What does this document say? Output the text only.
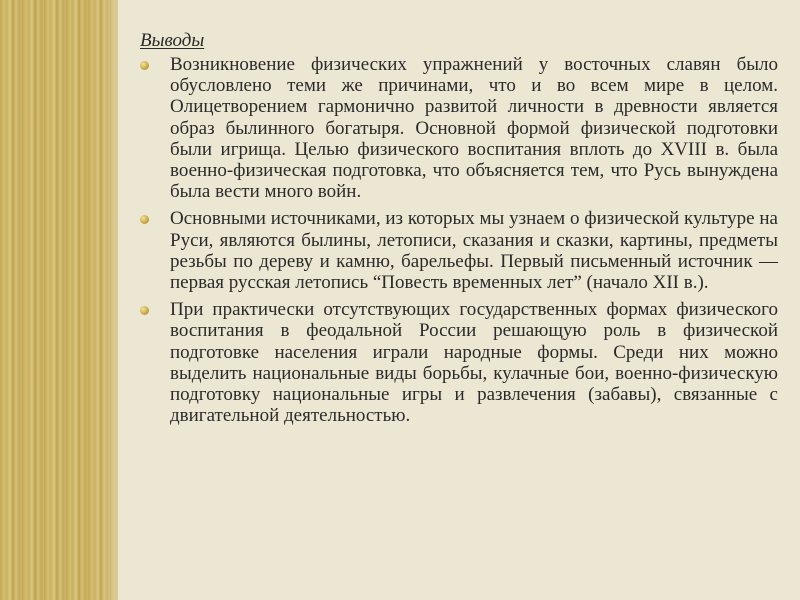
Выводы
Возникновение физических упражнений у восточных славян было обусловлено теми же причинами, что и во всем мире в целом. Олицетворением гармонично развитой личности в древности является образ былинного богатыря. Основной формой физической подготовки были игрища. Целью физического воспитания вплоть до XVIII в. была военно-физическая подготовка, что объясняется тем, что Русь вынуждена была вести много войн.
Основными источниками, из которых мы узнаем о физической культуре на Руси, являются былины, летописи, сказания и сказки, картины, предметы резьбы по дереву и камню, барельефы. Первый письменный источник — первая русская летопись “Повесть временных лет” (начало XII в.).
При практически отсутствующих государственных формах физического воспитания в феодальной России решающую роль в физической подготовке населения играли народные формы. Среди них можно выделить национальные виды борьбы, кулачные бои, военно-физическую подготовку национальные игры и развлечения (забавы), связанные с двигательной деятельностью.
